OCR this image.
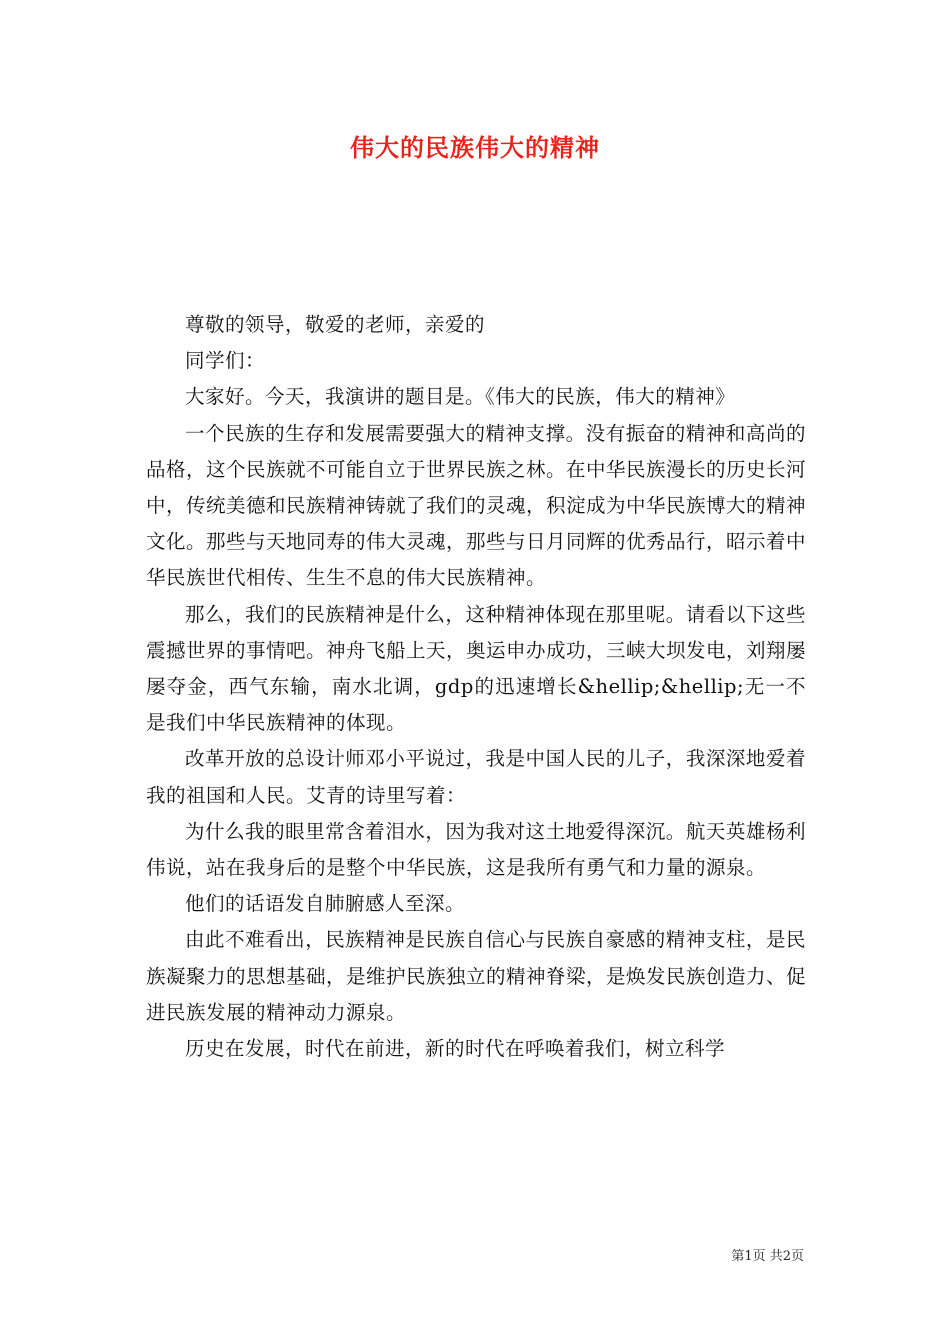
伟大的民族伟大的精神

尊敬的领导，敬爱的老师，亲爱的

同学们：

大家好。今天，我演讲的题目是。《伟大的民族，伟大的精神》

一个民族的生存和发展需要强大的精神支撑。没有振奋的精神和高尚的品格，这个民族就不可能自立于世界民族之林。在中华民族漫长的历史长河中，传统美德和民族精神铸就了我们的灵魂，积淀成为中华民族博大的精神文化。那些与天地同寿的伟大灵魂，那些与日月同辉的优秀品行，昭示着中华民族世代相传、生生不息的伟大民族精神。

那么，我们的民族精神是什么，这种精神体现在那里呢。请看以下这些震撼世界的事情吧。神舟飞船上天，奥运申办成功，三峡大坝发电，刘翔屡屡夺金，西气东输，南水北调，gdp的迅速增长&hellip;&hellip;无一不是我们中华民族精神的体现。

改革开放的总设计师邓小平说过，我是中国人民的儿子，我深深地爱着我的祖国和人民。艾青的诗里写着：

为什么我的眼里常含着泪水，因为我对这土地爱得深沉。航天英雄杨利伟说，站在我身后的是整个中华民族，这是我所有勇气和力量的源泉。

他们的话语发自肺腑感人至深。

由此不难看出，民族精神是民族自信心与民族自豪感的精神支柱，是民族凝聚力的思想基础，是维护民族独立的精神脊梁，是焕发民族创造力、促进民族发展的精神动力源泉。

历史在发展，时代在前进，新的时代在呼唤着我们，树立科学

第1页 共2页
